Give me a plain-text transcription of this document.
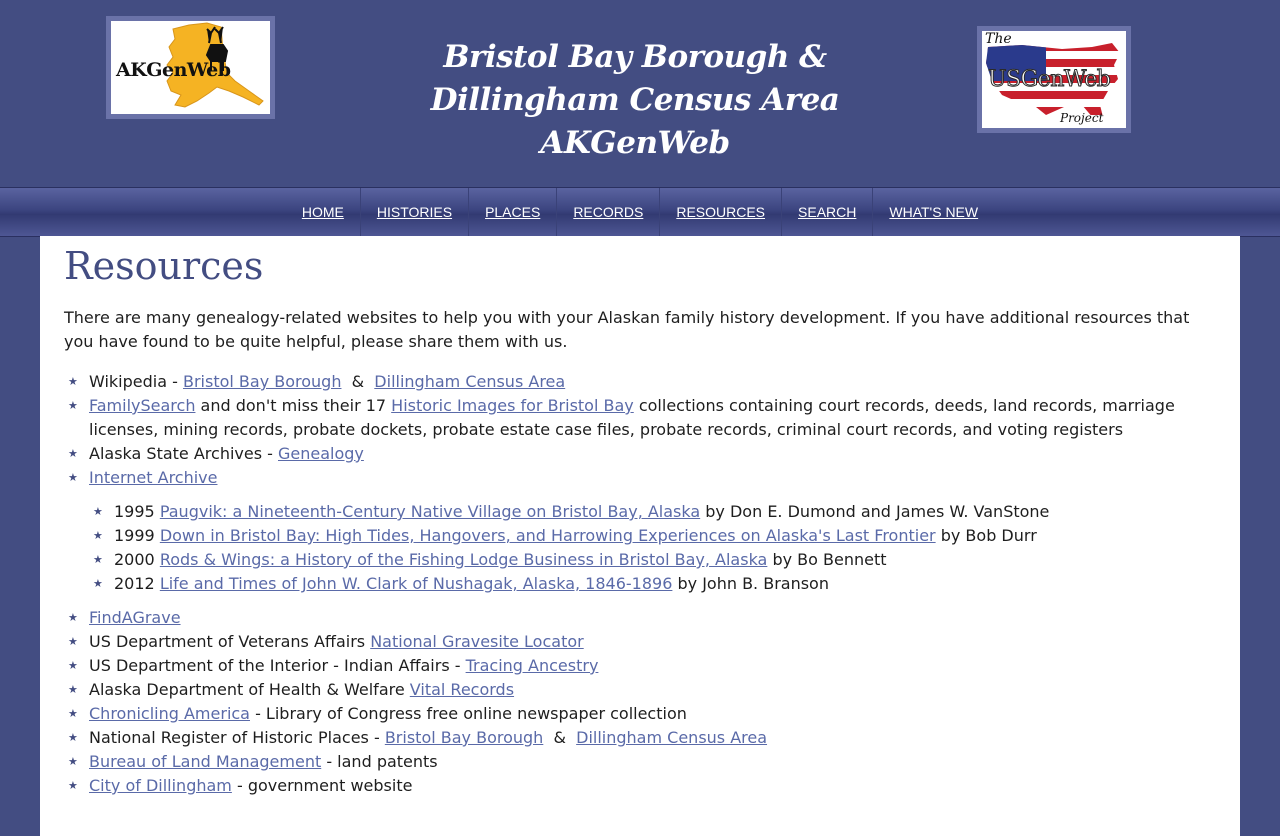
AKGenWeb	Bristol Bay Borough &
Dillingham Census Area
AKGenWeb
The
USGenWeb
Project
HOME	HISTORIES	PLACES	RECORDS	RESOURCES	SEARCH	WHAT'S NEW
Resources

There are many genealogy-related websites to help you with your Alaskan family history development. If you have additional resources that you have found to be quite helpful, please share them with us.

★ Wikipedia - Bristol Bay Borough  &  Dillingham Census Area
★ FamilySearch and don't miss their 17 Historic Images for Bristol Bay collections containing court records, deeds, land records, marriage licenses, mining records, probate dockets, probate estate case files, probate records, criminal court records, and voting registers
★ Alaska State Archives - Genealogy
★ Internet Archive
★ 1995 Paugvik: a Nineteenth-Century Native Village on Bristol Bay, Alaska by Don E. Dumond and James W. VanStone
★ 1999 Down in Bristol Bay: High Tides, Hangovers, and Harrowing Experiences on Alaska's Last Frontier by Bob Durr
★ 2000 Rods & Wings: a History of the Fishing Lodge Business in Bristol Bay, Alaska by Bo Bennett
★ 2012 Life and Times of John W. Clark of Nushagak, Alaska, 1846-1896 by John B. Branson
★ FindAGrave
★ US Department of Veterans Affairs National Gravesite Locator
★ US Department of the Interior - Indian Affairs - Tracing Ancestry
★ Alaska Department of Health & Welfare Vital Records
★ Chronicling America - Library of Congress free online newspaper collection
★ National Register of Historic Places - Bristol Bay Borough  &  Dillingham Census Area
★ Bureau of Land Management - land patents
★ City of Dillingham - government website
